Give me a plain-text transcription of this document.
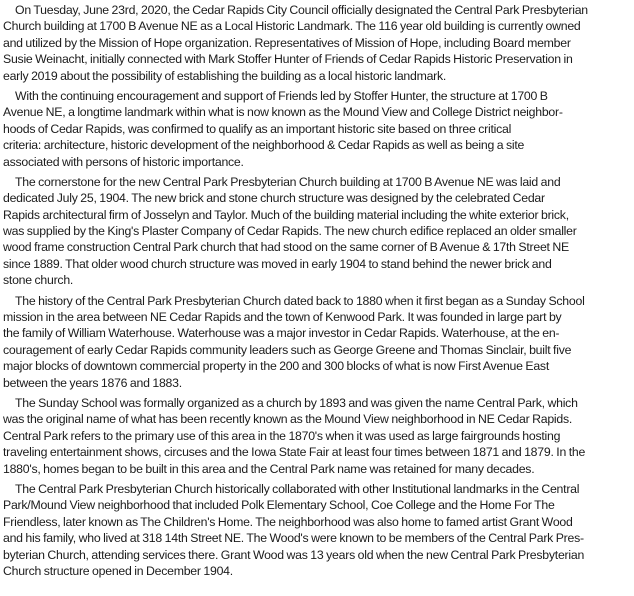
On Tuesday, June 23rd, 2020, the Cedar Rapids City Council officially designated the Central Park Presbyterian
Church building at 1700 B Avenue NE as a Local Historic Landmark. The 116 year old building is currently owned
and utilized by the Mission of Hope organization. Representatives of Mission of Hope, including Board member
Susie Weinacht, initially connected with Mark Stoffer Hunter of Friends of Cedar Rapids Historic Preservation in
early 2019 about the possibility of establishing the building as a local historic landmark.
With the continuing encouragement and support of Friends led by Stoffer Hunter, the structure at 1700 B
Avenue NE, a longtime landmark within what is now known as the Mound View and College District neighbor-
hoods of Cedar Rapids, was confirmed to qualify as an important historic site based on three critical
criteria: architecture, historic development of the neighborhood & Cedar Rapids as well as being a site
associated with persons of historic importance.
The cornerstone for the new Central Park Presbyterian Church building at 1700 B Avenue NE was laid and
dedicated July 25, 1904. The new brick and stone church structure was designed by the celebrated Cedar
Rapids architectural firm of Josselyn and Taylor. Much of the building material including the white exterior brick,
was supplied by the King's Plaster Company of Cedar Rapids. The new church edifice replaced an older smaller
wood frame construction Central Park church that had stood on the same corner of B Avenue & 17th Street NE
since 1889. That older wood church structure was moved in early 1904 to stand behind the newer brick and
stone church.
The history of the Central Park Presbyterian Church dated back to 1880 when it first began as a Sunday School
mission in the area between NE Cedar Rapids and the town of Kenwood Park. It was founded in large part by
the family of William Waterhouse. Waterhouse was a major investor in Cedar Rapids. Waterhouse, at the en-
couragement of early Cedar Rapids community leaders such as George Greene and Thomas Sinclair, built five
major blocks of downtown commercial property in the 200 and 300 blocks of what is now First Avenue East
between the years 1876 and 1883.
The Sunday School was formally organized as a church by 1893 and was given the name Central Park, which
was the original name of what has been recently known as the Mound View neighborhood in NE Cedar Rapids.
Central Park refers to the primary use of this area in the 1870's when it was used as large fairgrounds hosting
traveling entertainment shows, circuses and the Iowa State Fair at least four times between 1871 and 1879. In the
1880's, homes began to be built in this area and the Central Park name was retained for many decades.
The Central Park Presbyterian Church historically collaborated with other Institutional landmarks in the Central
Park/Mound View neighborhood that included Polk Elementary School, Coe College and the Home For The
Friendless, later known as The Children's Home. The neighborhood was also home to famed artist Grant Wood
and his family, who lived at 318 14th Street NE. The Wood's were known to be members of the Central Park Pres-
byterian Church, attending services there. Grant Wood was 13 years old when the new Central Park Presbyterian
Church structure opened in December 1904.
